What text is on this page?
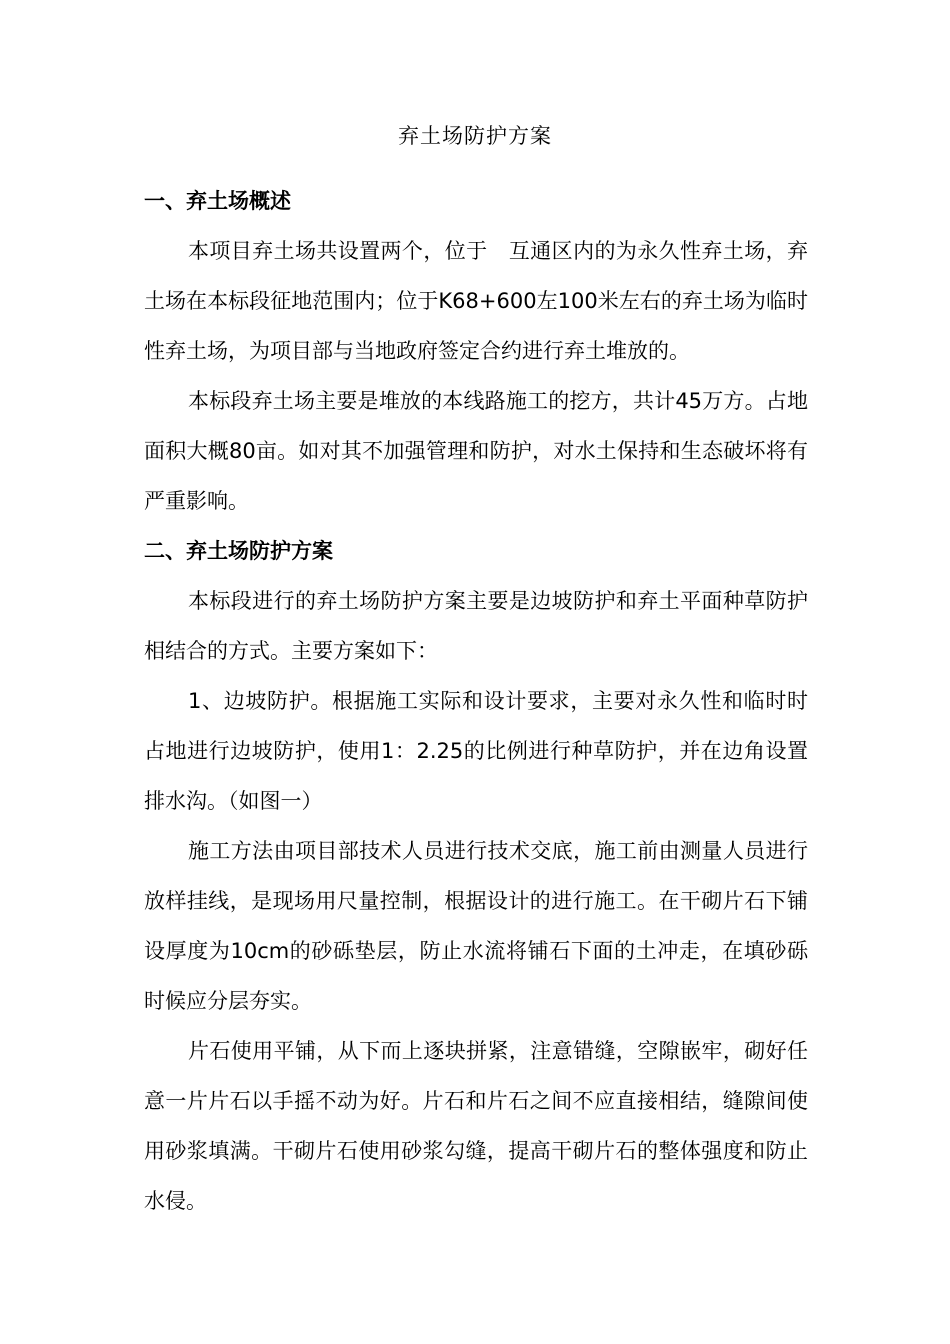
弃土场防护方案
一、弃土场概述

本项目弃土场共设置两个，位于　互通区内的为永久性弃土场，弃土场在本标段征地范围内；位于K68+600左100米左右的弃土场为临时性弃土场，为项目部与当地政府签定合约进行弃土堆放的。

本标段弃土场主要是堆放的本线路施工的挖方，共计45万方。占地面积大概80亩。如对其不加强管理和防护，对水土保持和生态破坏将有严重影响。

二、弃土场防护方案

本标段进行的弃土场防护方案主要是边坡防护和弃土平面种草防护相结合的方式。主要方案如下：

1、边坡防护。根据施工实际和设计要求，主要对永久性和临时时占地进行边坡防护，使用1：2.25的比例进行种草防护，并在边角设置排水沟。（如图一）

施工方法由项目部技术人员进行技术交底，施工前由测量人员进行放样挂线，是现场用尺量控制，根据设计的进行施工。在干砌片石下铺设厚度为10cm的砂砾垫层，防止水流将铺石下面的土冲走，在填砂砾时候应分层夯实。

片石使用平铺，从下而上逐块拼紧，注意错缝，空隙嵌牢，砌好任意一片片石以手摇不动为好。片石和片石之间不应直接相结，缝隙间使用砂浆填满。干砌片石使用砂浆勾缝，提高干砌片石的整体强度和防止水侵。
